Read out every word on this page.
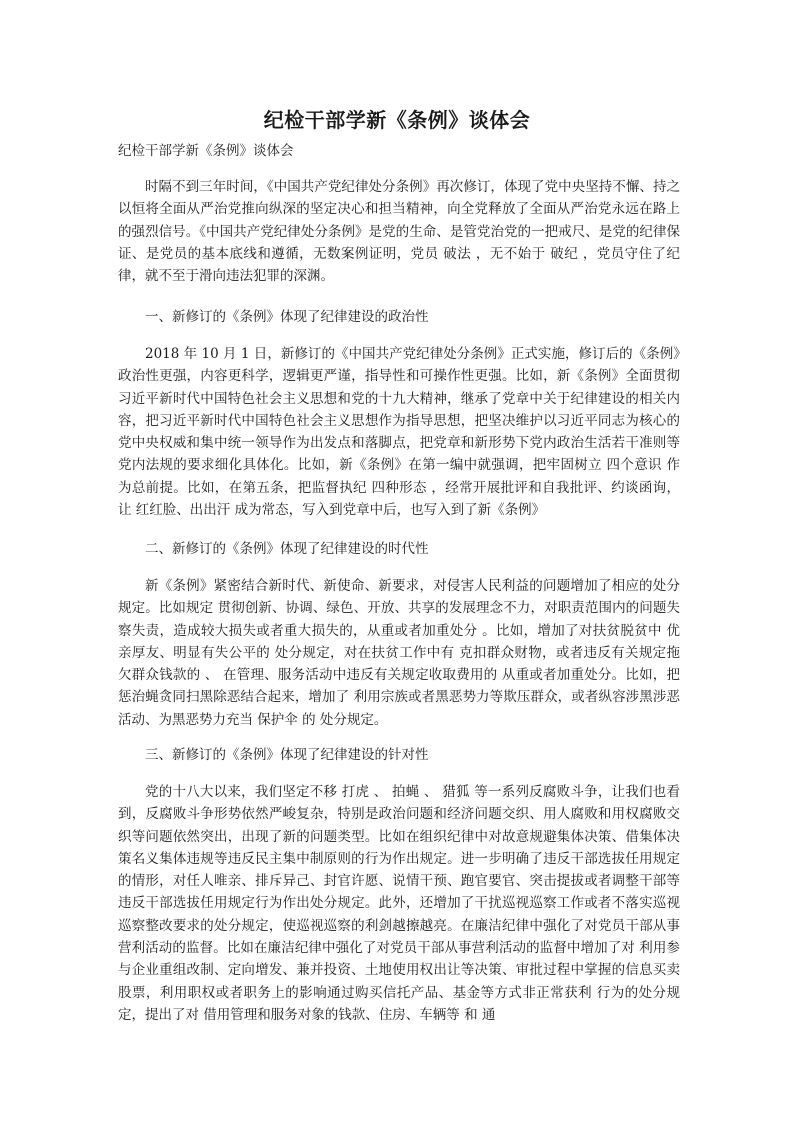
纪检干部学新《条例》谈体会

纪检干部学新《条例》谈体会

时隔不到三年时间，《中国共产党纪律处分条例》再次修订，体现了党中央坚持不懈、持之以恒将全面从严治党推向纵深的坚定决心和担当精神，向全党释放了全面从严治党永远在路上的强烈信号。《中国共产党纪律处分条例》是党的生命、是管党治党的一把戒尺、是党的纪律保证、是党员的基本底线和遵循，无数案例证明，党员 破法 ，无不始于 破纪 ，党员守住了纪律，就不至于滑向违法犯罪的深渊。

一、新修订的《条例》体现了纪律建设的政治性

2018 年 10 月 1 日，新修订的《中国共产党纪律处分条例》正式实施，修订后的《条例》政治性更强，内容更科学，逻辑更严谨，指导性和可操作性更强。比如，新《条例》全面贯彻习近平新时代中国特色社会主义思想和党的十九大精神，继承了党章中关于纪律建设的相关内容，把习近平新时代中国特色社会主义思想作为指导思想，把坚决维护以习近平同志为核心的党中央权威和集中统一领导作为出发点和落脚点，把党章和新形势下党内政治生活若干准则等党内法规的要求细化具体化。比如，新《条例》在第一编中就强调，把牢固树立 四个意识 作为总前提。比如，在第五条，把监督执纪 四种形态 ，经常开展批评和自我批评、约谈函询，让 红红脸、出出汗 成为常态，写入到党章中后，也写入到了新《条例》

二、新修订的《条例》体现了纪律建设的时代性

新《条例》紧密结合新时代、新使命、新要求，对侵害人民利益的问题增加了相应的处分规定。比如规定 贯彻创新、协调、绿色、开放、共享的发展理念不力，对职责范围内的问题失察失责，造成较大损失或者重大损失的，从重或者加重处分 。比如，增加了对扶贫脱贫中 优亲厚友、明显有失公平的 处分规定，对在扶贫工作中有 克扣群众财物，或者违反有关规定拖欠群众钱款的 、 在管理、服务活动中违反有关规定收取费用的 从重或者加重处分。比如，把惩治蝇贪同扫黑除恶结合起来，增加了 利用宗族或者黑恶势力等欺压群众，或者纵容涉黑涉恶活动、为黑恶势力充当 保护伞 的 处分规定。

三、新修订的《条例》体现了纪律建设的针对性

党的十八大以来，我们坚定不移 打虎 、 拍蝇 、 猎狐 等一系列反腐败斗争，让我们也看到，反腐败斗争形势依然严峻复杂，特别是政治问题和经济问题交织、用人腐败和用权腐败交织等问题依然突出，出现了新的问题类型。比如在组织纪律中对故意规避集体决策、借集体决策名义集体违规等违反民主集中制原则的行为作出规定。进一步明确了违反干部选拔任用规定的情形，对任人唯亲、排斥异己、封官许愿、说情干预、跑官要官、突击提拔或者调整干部等违反干部选拔任用规定行为作出处分规定。此外，还增加了干扰巡视巡察工作或者不落实巡视巡察整改要求的处分规定，使巡视巡察的利剑越擦越亮。在廉洁纪律中强化了对党员干部从事营利活动的监督。比如在廉洁纪律中强化了对党员干部从事营利活动的监督中增加了对 利用参与企业重组改制、定向增发、兼并投资、土地使用权出让等决策、审批过程中掌握的信息买卖股票，利用职权或者职务上的影响通过购买信托产品、基金等方式非正常获利 行为的处分规定，提出了对 借用管理和服务对象的钱款、住房、车辆等 和 通
